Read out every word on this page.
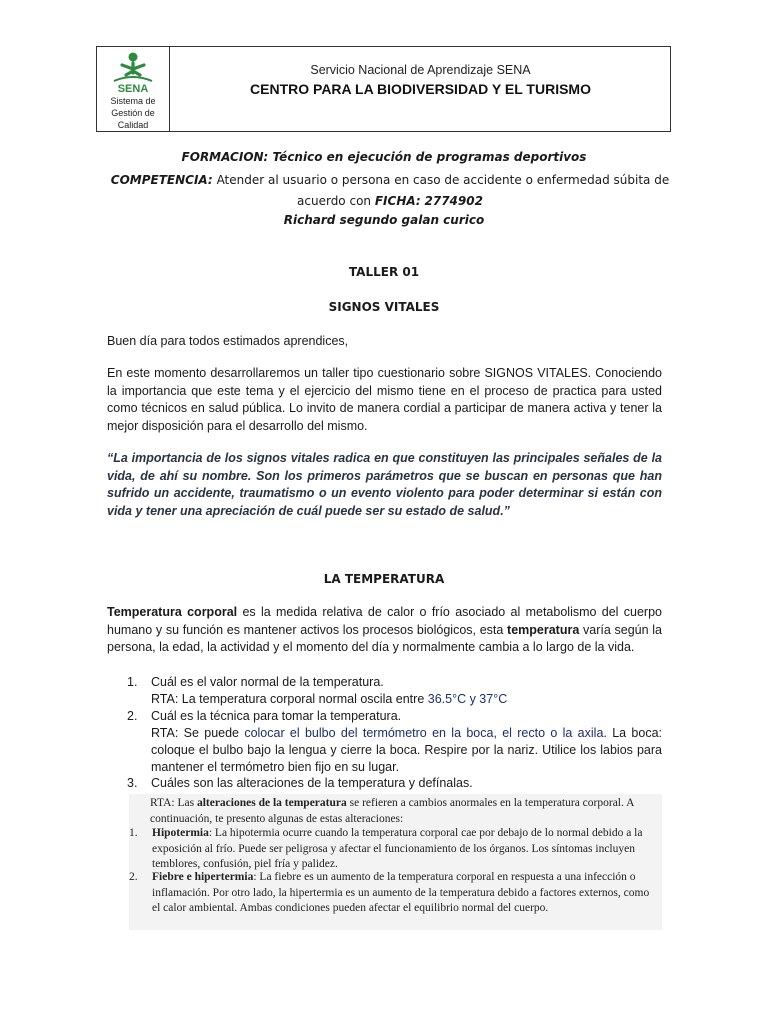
SENA
Sistema de
Gestión de
Calidad
Servicio Nacional de Aprendizaje SENA
CENTRO PARA LA BIODIVERSIDAD Y EL TURISMO
FORMACION: Técnico en ejecución de programas deportivos
COMPETENCIA: Atender al usuario o persona en caso de accidente o enfermedad súbita de acuerdo con FICHA: 2774902
Richard segundo galan curico
TALLER 01
SIGNOS VITALES
Buen día para todos estimados aprendices,
En este momento desarrollaremos un taller tipo cuestionario sobre SIGNOS VITALES. Conociendo la importancia que este tema y el ejercicio del mismo tiene en el proceso de practica para usted como técnicos en salud pública. Lo invito de manera cordial a participar de manera activa y tener la mejor disposición para el desarrollo del mismo.
“La importancia de los signos vitales radica en que constituyen las principales señales de la vida, de ahí su nombre. Son los primeros parámetros que se buscan en personas que han sufrido un accidente, traumatismo o un evento violento para poder determinar si están con vida y tener una apreciación de cuál puede ser su estado de salud.”
LA TEMPERATURA
Temperatura corporal es la medida relativa de calor o frío asociado al metabolismo del cuerpo humano y su función es mantener activos los procesos biológicos, esta temperatura varía según la persona, la edad, la actividad y el momento del día y normalmente cambia a lo largo de la vida.
1. Cuál es el valor normal de la temperatura.
RTA: La temperatura corporal normal oscila entre 36.5°C y 37°C
2. Cuál es la técnica para tomar la temperatura.
RTA: Se puede colocar el bulbo del termómetro en la boca, el recto o la axila. La boca: coloque el bulbo bajo la lengua y cierre la boca. Respire por la nariz. Utilice los labios para mantener el termómetro bien fijo en su lugar.
3. Cuáles son las alteraciones de la temperatura y defínalas.
RTA: Las alteraciones de la temperatura se refieren a cambios anormales en la temperatura corporal. A continuación, te presento algunas de estas alteraciones:
1. Hipotermia: La hipotermia ocurre cuando la temperatura corporal cae por debajo de lo normal debido a la exposición al frío. Puede ser peligrosa y afectar el funcionamiento de los órganos. Los síntomas incluyen temblores, confusión, piel fría y palidez.
2. Fiebre e hipertermia: La fiebre es un aumento de la temperatura corporal en respuesta a una infección o inflamación. Por otro lado, la hipertermia es un aumento de la temperatura debido a factores externos, como el calor ambiental. Ambas condiciones pueden afectar el equilibrio normal del cuerpo.
